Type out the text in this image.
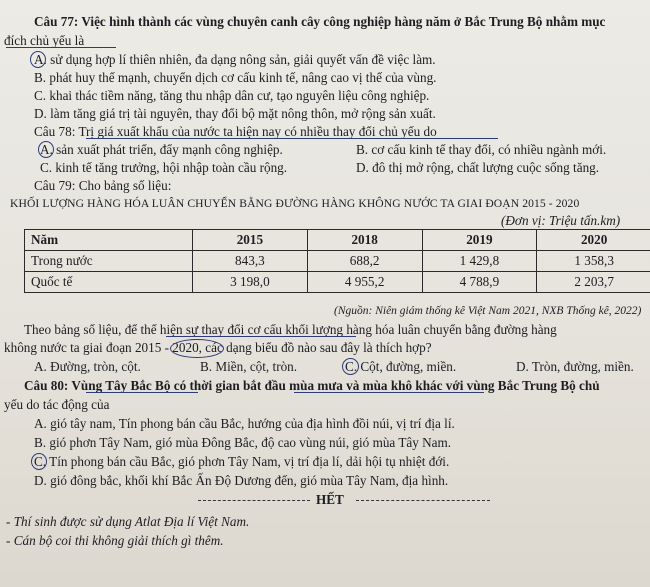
Câu 77: Việc hình thành các vùng chuyên canh cây công nghiệp hàng năm ở Bắc Trung Bộ nhằm mục
đích chủ yếu là
A. sử dụng hợp lí thiên nhiên, đa dạng nông sản, giải quyết vấn đề việc làm.
B. phát huy thế mạnh, chuyển dịch cơ cấu kinh tế, nâng cao vị thế của vùng.
C. khai thác tiềm năng, tăng thu nhập dân cư, tạo nguyên liệu công nghiệp.
D. làm tăng giá trị tài nguyên, thay đổi bộ mặt nông thôn, mở rộng sản xuất.
Câu 78: Trị giá xuất khẩu của nước ta hiện nay có nhiều thay đổi chủ yếu do
A. sản xuất phát triển, đẩy mạnh công nghiệp.	B. cơ cấu kinh tế thay đổi, có nhiều ngành mới.
C. kinh tế tăng trưởng, hội nhập toàn cầu rộng.	D. đô thị mở rộng, chất lượng cuộc sống tăng.
Câu 79: Cho bảng số liệu:
KHỐI LƯỢNG HÀNG HÓA LUÂN CHUYỂN BẰNG ĐƯỜNG HÀNG KHÔNG NƯỚC TA GIAI ĐOẠN 2015 - 2020
(Đơn vị: Triệu tấn.km)
Năm	2015	2018	2019	2020
Trong nước	843,3	688,2	1 429,8	1 358,3
Quốc tế	3 198,0	4 955,2	4 788,9	2 203,7
(Nguồn: Niên giám thống kê Việt Nam 2021, NXB Thống kê, 2022)
Theo bảng số liệu, để thể hiện sự thay đổi cơ cấu khối lượng hàng hóa luân chuyển bằng đường hàng
không nước ta giai đoạn 2015 - 2020, các dạng biểu đồ nào sau đây là thích hợp?
A. Đường, tròn, cột.	B. Miền, cột, tròn.	C. Cột, đường, miền.	D. Tròn, đường, miền.
Câu 80: Vùng Tây Bắc Bộ có thời gian bắt đầu mùa mưa và mùa khô khác với vùng Bắc Trung Bộ chủ
yếu do tác động của
A. gió tây nam, Tín phong bán cầu Bắc, hướng của địa hình đồi núi, vị trí địa lí.
B. gió phơn Tây Nam, gió mùa Đông Bắc, độ cao vùng núi, gió mùa Tây Nam.
C. Tín phong bán cầu Bắc, gió phơn Tây Nam, vị trí địa lí, dải hội tụ nhiệt đới.
D. gió đông bắc, khối khí Bắc Ấn Độ Dương đến, gió mùa Tây Nam, địa hình.
HẾT
- Thí sinh được sử dụng Atlat Địa lí Việt Nam.
- Cán bộ coi thi không giải thích gì thêm.
